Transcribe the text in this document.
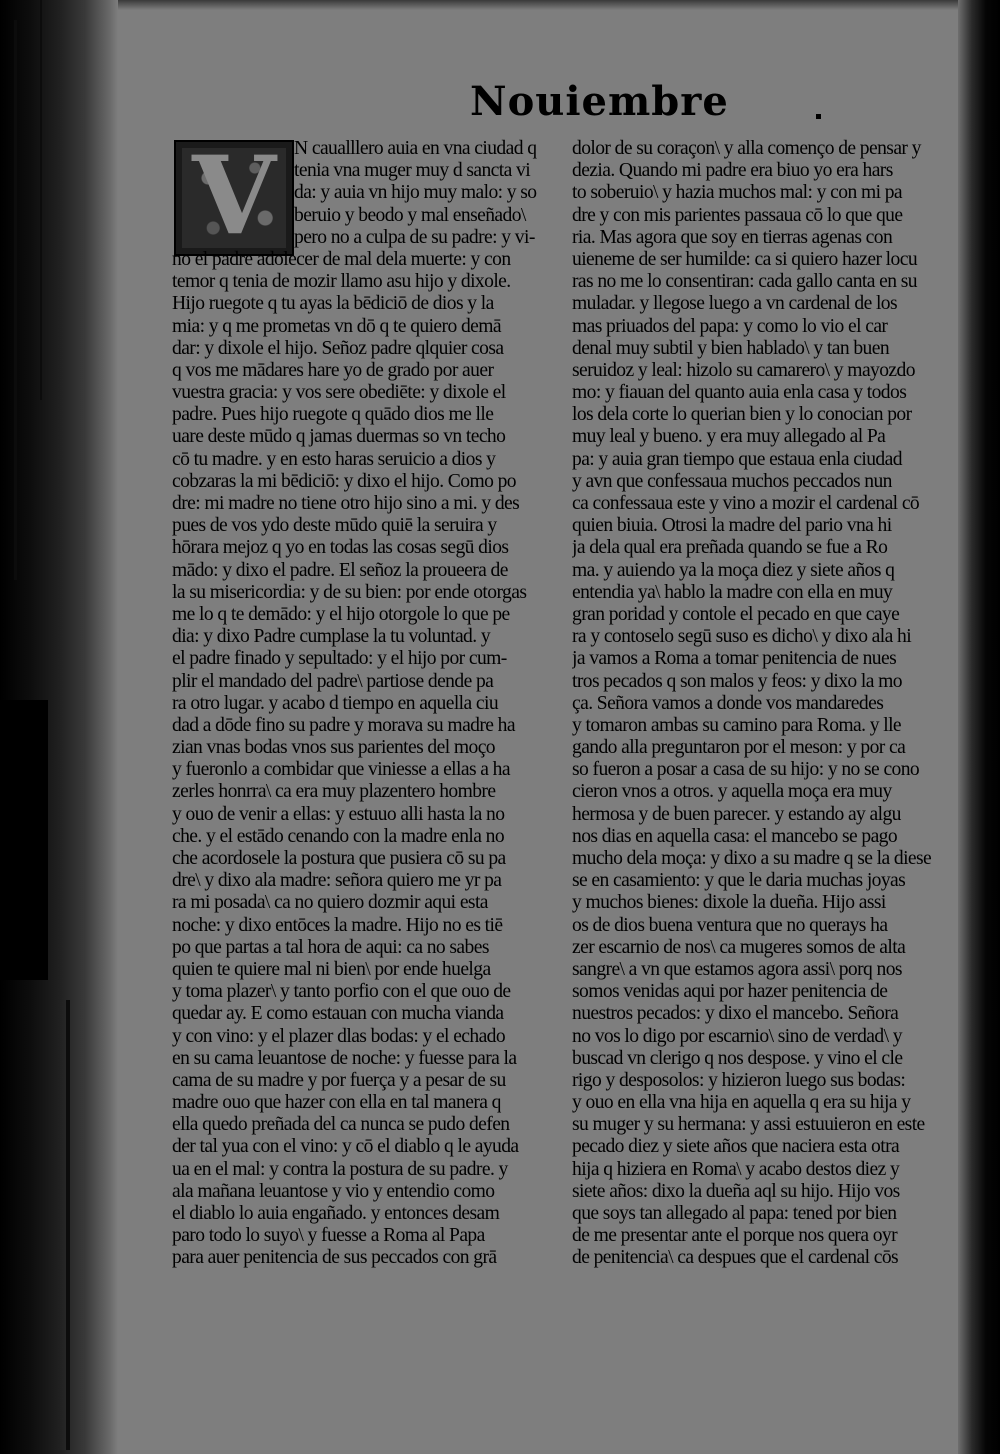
Nouiembre
V N caualllero auia en vna ciudad q
tenia vna muger muy d sancta vi
da: y auia vn hijo muy malo: y so
beruio y beodo y mal enseñado\
pero no a culpa de su padre: y vi-
no el padre adolecer de mal dela muerte: y con
temor q tenia de mozir llamo asu hijo y dixole.
Hijo ruegote q tu ayas la bēdiciō de dios y la
mia: y q me prometas vn dō q te quiero demā
dar: y dixole el hijo. Señoz padre qlquier cosa
q vos me mādares hare yo de grado por auer
vuestra gracia: y vos sere obediēte: y dixole el
padre. Pues hijo ruegote q quādo dios me lle
uare deste mūdo q jamas duermas so vn techo
cō tu madre. y en esto haras seruicio a dios y
cobzaras la mi bēdiciō: y dixo el hijo. Como po
dre: mi madre no tiene otro hijo sino a mi. y des
pues de vos ydo deste mūdo quiē la seruira y
hōrara mejoz q yo en todas las cosas segū dios
mādo: y dixo el padre. El señoz la proueera de
la su misericordia: y de su bien: por ende otorgas
me lo q te demādo: y el hijo otorgole lo que pe
dia: y dixo Padre cumplase la tu voluntad. y
el padre finado y sepultado: y el hijo por cum-
plir el mandado del padre\ partiose dende pa
ra otro lugar. y acabo d tiempo en aquella ciu
dad a dōde fino su padre y morava su madre ha
zian vnas bodas vnos sus parientes del moço
y fueronlo a combidar que viniesse a ellas a ha
zerles honrra\ ca era muy plazentero hombre
y ouo de venir a ellas: y estuuo alli hasta la no
che. y el estādo cenando con la madre enla no
che acordosele la postura que pusiera cō su pa
dre\ y dixo ala madre: señora quiero me yr pa
ra mi posada\ ca no quiero dozmir aqui esta
noche: y dixo entōces la madre. Hijo no es tiē
po que partas a tal hora de aqui: ca no sabes
quien te quiere mal ni bien\ por ende huelga
y toma plazer\ y tanto porfio con el que ouo de
quedar ay. E como estauan con mucha vianda
y con vino: y el plazer dlas bodas: y el echado
en su cama leuantose de noche: y fuesse para la
cama de su madre y por fuerça y a pesar de su
madre ouo que hazer con ella en tal manera q
ella quedo preñada del ca nunca se pudo defen
der tal yua con el vino: y cō el diablo q le ayuda
ua en el mal: y contra la postura de su padre. y
ala mañana leuantose y vio y entendio como
el diablo lo auia engañado. y entonces desam
paro todo lo suyo\ y fuesse a Roma al Papa
para auer penitencia de sus peccados con grā
dolor de su coraçon\ y alla començo de pensar y
dezia. Quando mi padre era biuo yo era hars
to soberuio\ y hazia muchos mal: y con mi pa
dre y con mis parientes passaua cō lo que que
ria. Mas agora que soy en tierras agenas con
uieneme de ser humilde: ca si quiero hazer locu
ras no me lo consentiran: cada gallo canta en su
muladar. y llegose luego a vn cardenal de los
mas priuados del papa: y como lo vio el car
denal muy subtil y bien hablado\ y tan buen
seruidoz y leal: hizolo su camarero\ y mayozdo
mo: y fiauan del quanto auia enla casa y todos
los dela corte lo querian bien y lo conocian por
muy leal y bueno. y era muy allegado al Pa
pa: y auia gran tiempo que estaua enla ciudad
y avn que confessaua muchos peccados nun
ca confessaua este y vino a mozir el cardenal cō
quien biuia. Otrosi la madre del pario vna hi
ja dela qual era preñada quando se fue a Ro
ma. y auiendo ya la moça diez y siete años q
entendia ya\ hablo la madre con ella en muy
gran poridad y contole el pecado en que caye
ra y contoselo segū suso es dicho\ y dixo ala hi
ja vamos a Roma a tomar penitencia de nues
tros pecados q son malos y feos: y dixo la mo
ça. Señora vamos a donde vos mandaredes
y tomaron ambas su camino para Roma. y lle
gando alla preguntaron por el meson: y por ca
so fueron a posar a casa de su hijo: y no se cono
cieron vnos a otros. y aquella moça era muy
hermosa y de buen parecer. y estando ay algu
nos dias en aquella casa: el mancebo se pago
mucho dela moça: y dixo a su madre q se la diese
se en casamiento: y que le daria muchas joyas
y muchos bienes: dixole la dueña. Hijo assi
os de dios buena ventura que no querays ha
zer escarnio de nos\ ca mugeres somos de alta
sangre\ a vn que estamos agora assi\ porq nos
somos venidas aqui por hazer penitencia de
nuestros pecados: y dixo el mancebo. Señora
no vos lo digo por escarnio\ sino de verdad\ y
buscad vn clerigo q nos despose. y vino el cle
rigo y desposolos: y hizieron luego sus bodas:
y ouo en ella vna hija en aquella q era su hija y
su muger y su hermana: y assi estuuieron en este
pecado diez y siete años que naciera esta otra
hija q hiziera en Roma\ y acabo destos diez y
siete años: dixo la dueña aql su hijo. Hijo vos
que soys tan allegado al papa: tened por bien
de me presentar ante el porque nos quera oyr
de penitencia\ ca despues que el cardenal cōs
